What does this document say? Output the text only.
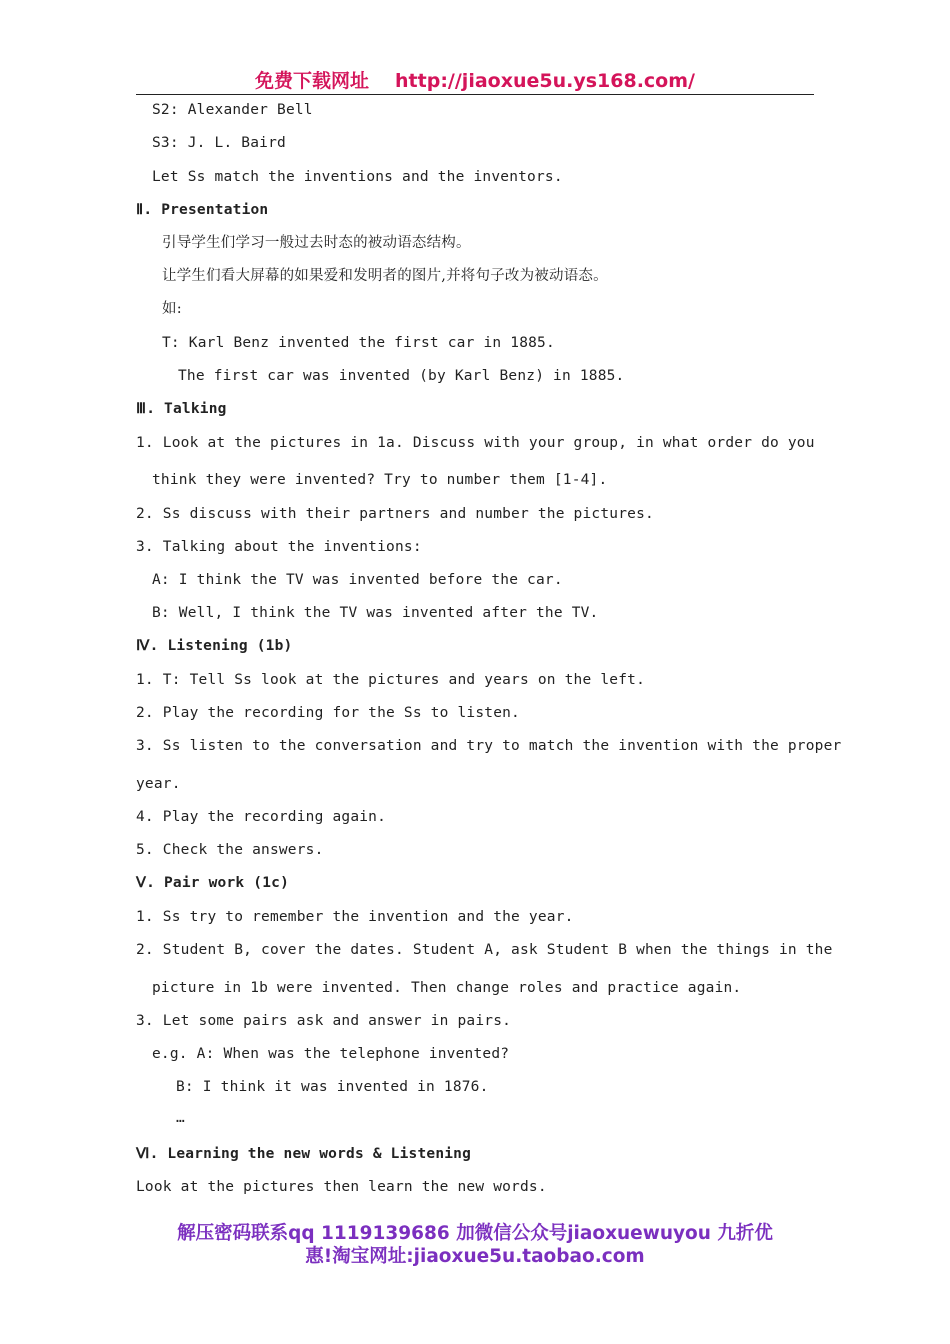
免费下载网址 http://jiaoxue5u.ys168.com/
S2: Alexander Bell
S3: J. L. Baird
Let Ss match the inventions and the inventors.
Ⅱ. Presentation
引导学生们学习一般过去时态的被动语态结构。
让学生们看大屏幕的如果爱和发明者的图片,并将句子改为被动语态。
如:
T: Karl Benz invented the first car in 1885.
The first car was invented (by Karl Benz) in 1885.
Ⅲ. Talking
1. Look at the pictures in 1a. Discuss with your group, in what order do you
think they were invented? Try to number them [1-4].
2. Ss discuss with their partners and number the pictures.
3. Talking about the inventions:
A: I think the TV was invented before the car.
B: Well, I think the TV was invented after the TV.
Ⅳ. Listening (1b)
1. T: Tell Ss look at the pictures and years on the left.
2. Play the recording for the Ss to listen.
3. Ss listen to the conversation and try to match the invention with the proper
year.
4. Play the recording again.
5. Check the answers.
Ⅴ. Pair work (1c)
1. Ss try to remember the invention and the year.
2. Student B, cover the dates. Student A, ask Student B when the things in the
picture in 1b were invented. Then change roles and practice again.
3. Let some pairs ask and answer in pairs.
e.g. A: When was the telephone invented?
B: I think it was invented in 1876.
…
Ⅵ. Learning the new words & Listening
Look at the pictures then learn the new words.
解压密码联系qq 1119139686 加微信公众号jiaoxuewuyou 九折优
惠!淘宝网址:jiaoxue5u.taobao.com
